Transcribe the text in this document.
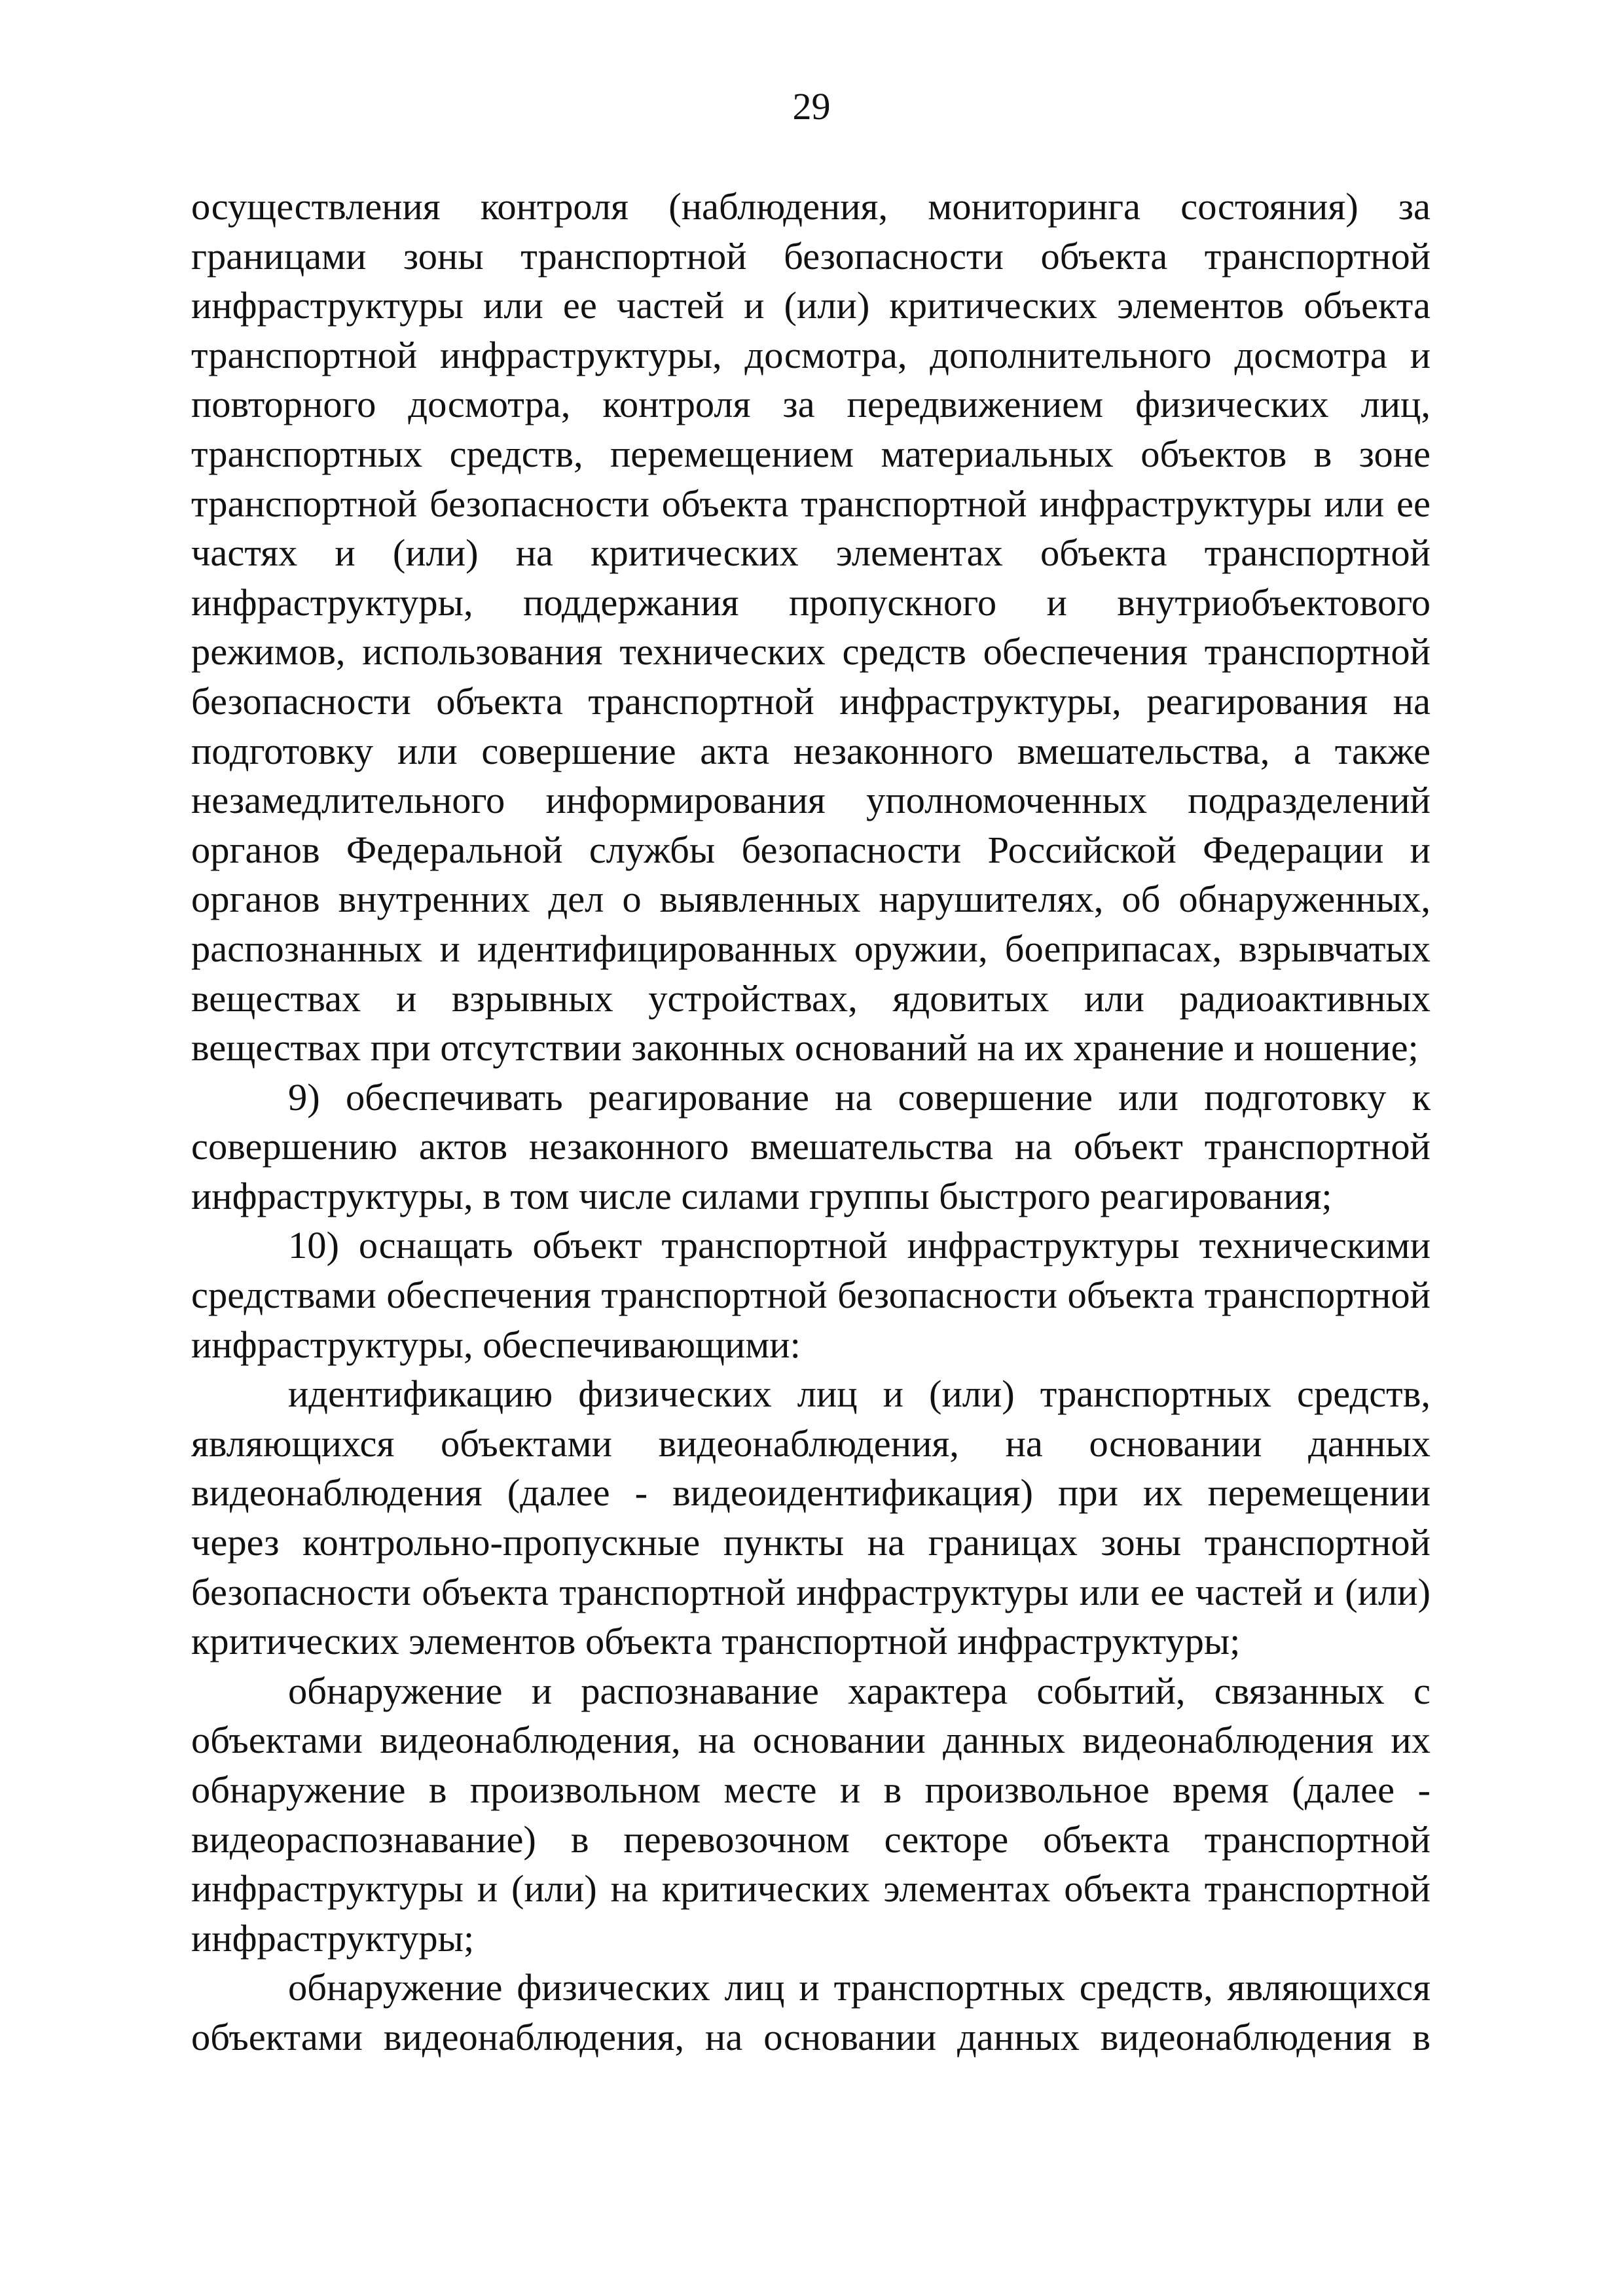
29

осуществления контроля (наблюдения, мониторинга состояния) за границами зоны транспортной безопасности объекта транспортной инфраструктуры или ее частей и (или) критических элементов объекта транспортной инфраструктуры, досмотра, дополнительного досмотра и повторного досмотра, контроля за передвижением физических лиц, транспортных средств, перемещением материальных объектов в зоне транспортной безопасности объекта транспортной инфраструктуры или ее частях и (или) на критических элементах объекта транспортной инфраструктуры, поддержания пропускного и внутриобъектового режимов, использования технических средств обеспечения транспортной безопасности объекта транспортной инфраструктуры, реагирования на подготовку или совершение акта незаконного вмешательства, а также незамедлительного информирования уполномоченных подразделений органов Федеральной службы безопасности Российской Федерации и органов внутренних дел о выявленных нарушителях, об обнаруженных, распознанных и идентифицированных оружии, боеприпасах, взрывчатых веществах и взрывных устройствах, ядовитых или радиоактивных веществах при отсутствии законных оснований на их хранение и ношение;

9) обеспечивать реагирование на совершение или подготовку к совершению актов незаконного вмешательства на объект транспортной инфраструктуры, в том числе силами группы быстрого реагирования;

10) оснащать объект транспортной инфраструктуры техническими средствами обеспечения транспортной безопасности объекта транспортной инфраструктуры, обеспечивающими:

идентификацию физических лиц и (или) транспортных средств, являющихся объектами видеонаблюдения, на основании данных видеонаблюдения (далее - видеоидентификация) при их перемещении через контрольно-пропускные пункты на границах зоны транспортной безопасности объекта транспортной инфраструктуры или ее частей и (или) критических элементов объекта транспортной инфраструктуры;

обнаружение и распознавание характера событий, связанных с объектами видеонаблюдения, на основании данных видеонаблюдения их обнаружение в произвольном месте и в произвольное время (далее - видеораспознавание) в перевозочном секторе объекта транспортной инфраструктуры и (или) на критических элементах объекта транспортной инфраструктуры;

обнаружение физических лиц и транспортных средств, являющихся объектами видеонаблюдения, на основании данных видеонаблюдения в
